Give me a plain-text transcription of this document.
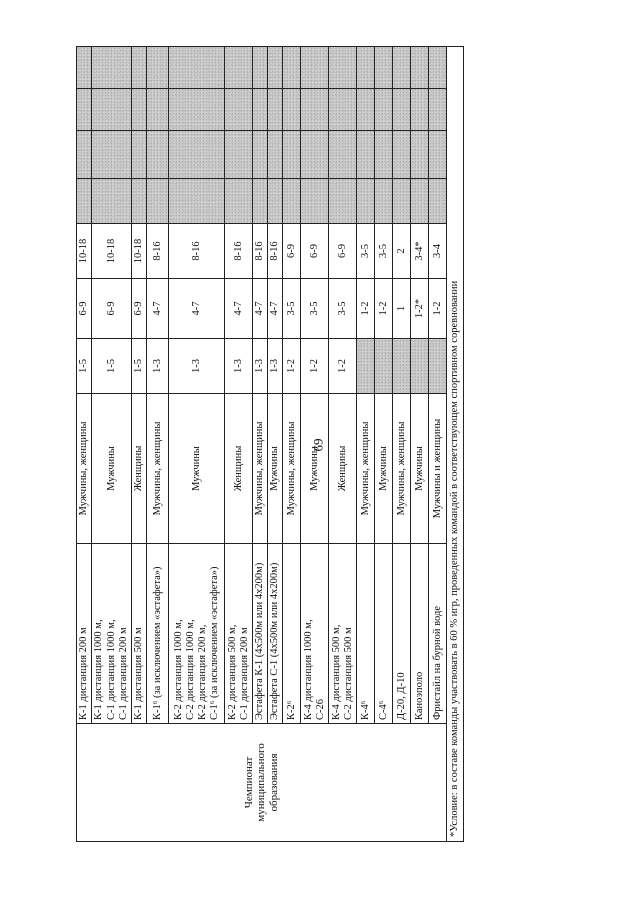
69
Чемпионат муниципального образования	К-1 дистанция 200 м	Мужчины, женщины	1-5	6-9	10-18				
	К-1 дистанция 1000 м,
С-1 дистанция 1000 м,
С-1 дистанция 200 м	Мужчины	1-5	6-9	10-18				
	К-1 дистанция 500 м	Женщины	1-5	6-9	10-18				
	К-1⁶ (за исключением «эстафета»)	Мужчины, женщины	1-3	4-7	8-16				
	К-2 дистанция 1000 м,
С-2 дистанция 1000 м,
К-2 дистанция 200 м,
С-1⁶ (за исключением «эстафета»)	Мужчины	1-3	4-7	8-16				
	К-2 дистанция 500 м,
С-1 дистанция 200 м	Женщины	1-3	4-7	8-16				
	Эстафета К-1 (4х500м или 4х200м)	Мужчины, женщины	1-3	4-7	8-16				
	Эстафета С-1 (4х500м или 4х200м)	Мужчины	1-3	4-7	8-16				
	К-2⁶	Мужчины, женщины	1-2	3-5	6-9				
	К-4 дистанция 1000 м,
С-26	Мужчины	1-2	3-5	6-9				
	К-4 дистанция 500 м,
С-2 дистанция 500 м	Женщины	1-2	3-5	6-9				
	К-4⁶	Мужчины, женщины		1-2	3-5				
	С-4⁶	Мужчины		1-2	3-5				
	Д-20, Д-10	Мужчины, женщины		1	2				
	Каноэполо	Мужчины		1-2*	3-4*				
	Фристайл на бурной воде	Мужчины и женщины		1-2	3-4				
*Условие: в составе команды участвовать в 60 % игр, проведенных командой в соответствующем спортивном соревновании									
